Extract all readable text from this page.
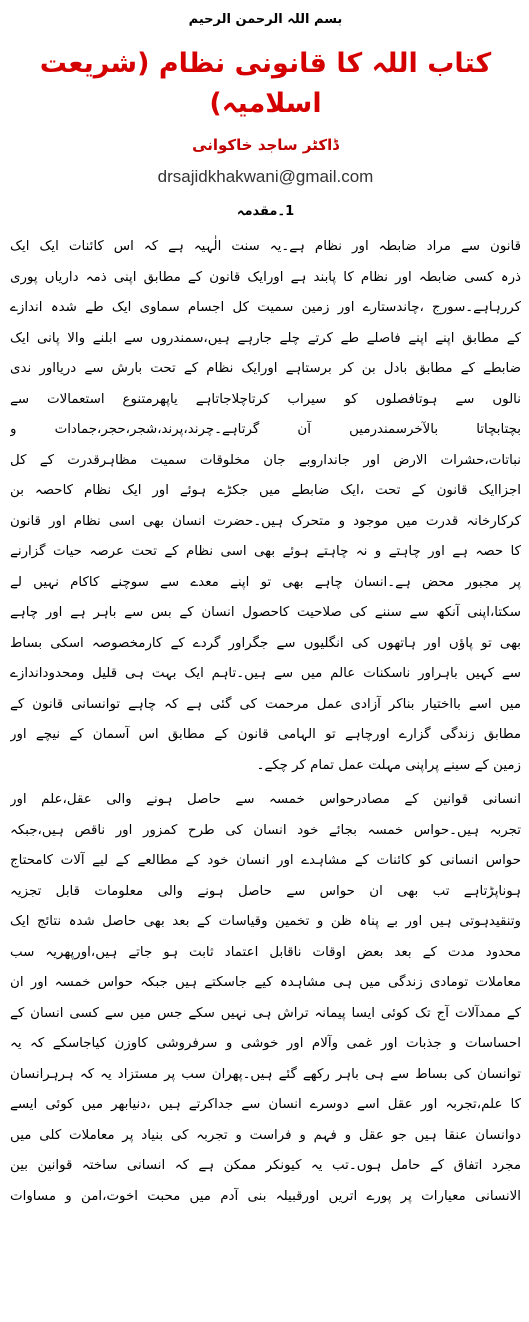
بسم اللہ الرحمن الرحیم
کتاب اللہ کا قانونی نظام (شریعت اسلامیہ)
ڈاکٹر ساجد خاکوانی
drsajidkhakwani@gmail.com
1۔مقدمہ
قانون سے مراد ضابطہ اور نظام ہے۔یہ سنت الٰہیہ ہے کہ اس کائنات ایک ایک
ذرہ کسی ضابطہ اور نظام کا پابند ہے اورایک قانون کے مطابق اپنی ذمہ داریاں پوری
کررہاہے۔سورج ،چاندستارے اور زمین سمیت کل اجسام سماوی ایک طے شدہ اندازے
کے مطابق اپنے اپنے فاصلے طے کرتے چلے جارہے ہیں،سمندروں سے ابلنے والا پانی ایک
ضابطے کے مطابق بادل بن کر برستاہے اورایک نظام کے تحت بارش سے دریااور ندی
نالوں سے ہوتافصلوں کو سیراب کرتاچلاجاتاہے یاپھرمتنوع استعمالات سے
بچتابچاتا بالآخرسمندرمیں آن گرتاہے۔چرند،پرند،شجر،حجر،جمادات و
نباتات،حشرات الارض اور جانداروبے جان مخلوقات سمیت مظاہرقدرت کے کل
اجزاایک قانون کے تحت ،ایک ضابطے میں جکڑے ہوئے اور ایک نظام کاحصہ بن
کرکارخانہ قدرت میں موجود و متحرک ہیں۔حضرت انسان بھی اسی نظام اور قانون
کا حصہ ہے اور چاہتے و نہ چاہتے ہوئے بھی اسی نظام کے تحت عرصہ حیات گزارنے
پر مجبور محض ہے۔انسان چاہے بھی تو اپنے معدے سے سوچنے کاکام نہیں لے
سکتا،اپنی آنکھ سے سننے کی صلاحیت کاحصول انسان کے بس سے باہر ہے اور چاہے
بھی تو پاؤں اور ہاتھوں کی انگلیوں سے جگراور گردے کے کارمخصوصہ اسکی بساط
سے کہیں باہراور ناسکنات عالم میں سے ہیں۔تاہم ایک بہت ہی قلیل ومحدوداندازے
میں اسے بااختیار بناکر آزادی عمل مرحمت کی گئی ہے کہ چاہے توانسانی قانون کے
مطابق زندگی گزارے اورچاہے تو الہامی قانون کے مطابق اس آسمان کے نیچے اور
زمین کے سینے پراپنی مہلت عمل تمام کر چکے۔
انسانی قوانین کے مصادرحواس خمسہ سے حاصل ہونے والی عقل،علم اور
تجربہ ہیں۔حواس خمسہ بجائے خود انسان کی طرح کمزور اور ناقص ہیں،جبکہ
حواس انسانی کو کائنات کے مشاہدے اور انسان خود کے مطالعے کے لیے آلات کامحتاج
ہوناپڑتاہے تب بھی ان حواس سے حاصل ہونے والی معلومات قابل تجزیہ
وتنقیدہوتی ہیں اور بے پناہ ظن و تخمین وقیاسات کے بعد بھی حاصل شدہ نتائج ایک
محدود مدت کے بعد بعض اوقات ناقابل اعتماد ثابت ہو جاتے ہیں،اورپھریہ سب
معاملات تومادی زندگی میں ہی مشاہدہ کیے جاسکتے ہیں جبکہ حواس خمسہ اور ان
کے ممدآلات آج تک کوئی ایسا پیمانہ تراش ہی نہیں سکے جس میں سے کسی انسان کے
احساسات و جذبات اور غمی وآلام اور خوشی و سرفروشی کاوزن کیاجاسکے کہ یہ
توانسان کی بساط سے ہی باہر رکھے گئے ہیں۔پھران سب پر مستزاد یہ کہ ہرہرانسان
کا علم،تجربہ اور عقل اسے دوسرے انسان سے جداکرتے ہیں ،دنیابھر میں کوئی ایسے
دوانسان عنقا ہیں جو عقل و فہم و فراست و تجربہ کی بنیاد پر معاملات کلی میں
مجرد اتفاق کے حامل ہوں۔تب یہ کیونکر ممکن ہے کہ انسانی ساختہ قوانین بین
الانسانی معیارات پر پورے اتریں اورقبیلہ بنی آدم میں محبت اخوت،امن و مساوات
